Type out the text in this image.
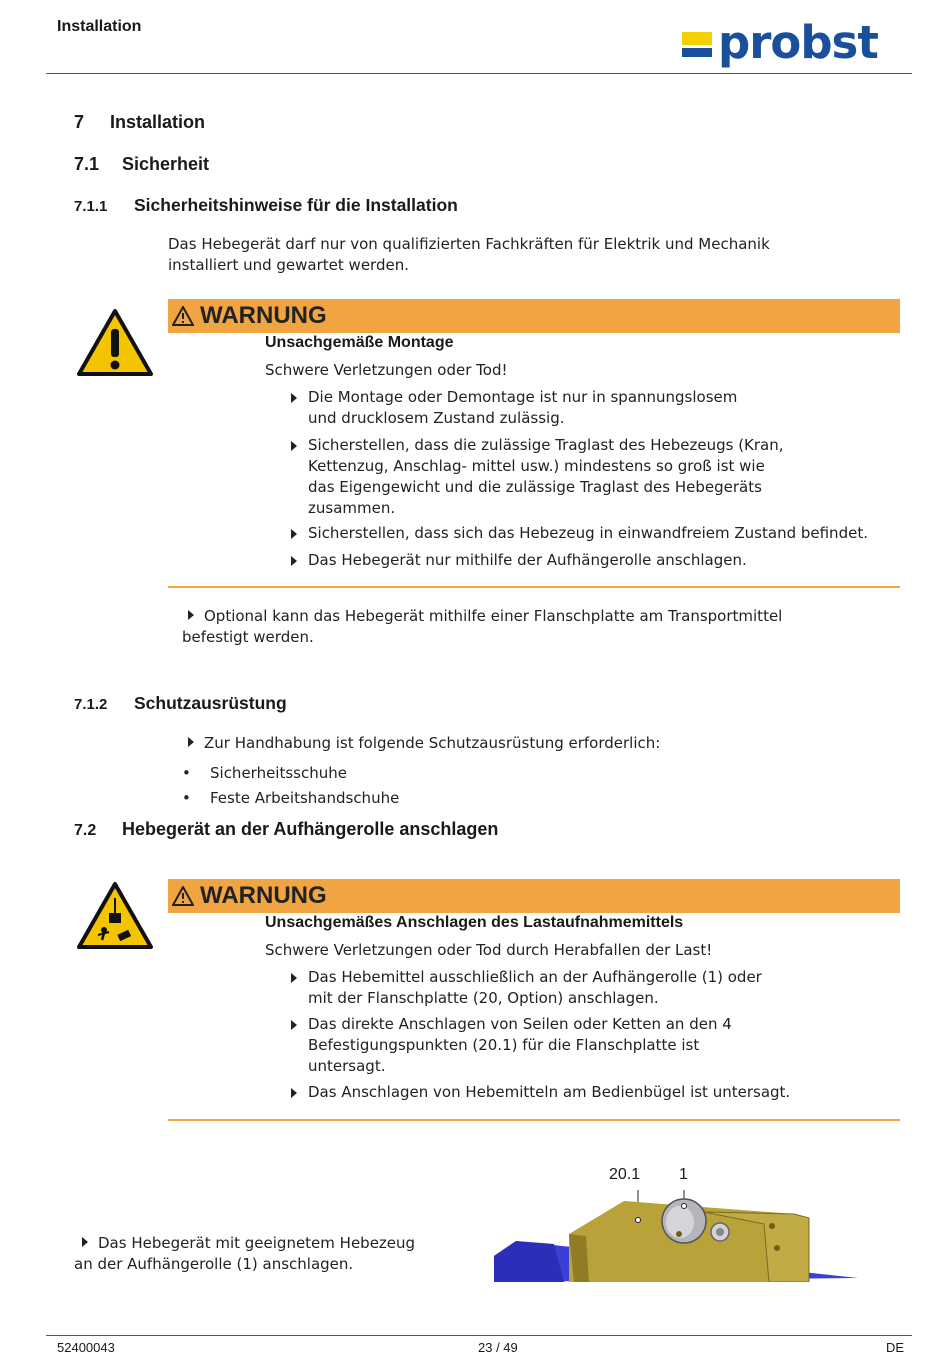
Installation	probst
7 Installation
7.1 Sicherheit
7.1.1 Sicherheitshinweise für die Installation
Das Hebegerät darf nur von qualifizierten Fachkräften für Elektrik und Mechanik
installiert und gewartet werden.
WARNUNG
Unsachgemäße Montage
Schwere Verletzungen oder Tod!
Die Montage oder Demontage ist nur in spannungslosem
und drucklosem Zustand zulässig.
Sicherstellen, dass die zulässige Traglast des Hebezeugs (Kran,
Kettenzug, Anschlag- mittel usw.) mindestens so groß ist wie
das Eigengewicht und die zulässige Traglast des Hebegeräts
zusammen.
Sicherstellen, dass sich das Hebezeug in einwandfreiem Zustand befindet.
Das Hebegerät nur mithilfe der Aufhängerolle anschlagen.
Optional kann das Hebegerät mithilfe einer Flanschplatte am Transportmittel
befestigt werden.
7.1.2 Schutzausrüstung
Zur Handhabung ist folgende Schutzausrüstung erforderlich:
• Sicherheitsschuhe
• Feste Arbeitshandschuhe
7.2 Hebegerät an der Aufhängerolle anschlagen
WARNUNG
Unsachgemäßes Anschlagen des Lastaufnahmemittels
Schwere Verletzungen oder Tod durch Herabfallen der Last!
Das Hebemittel ausschließlich an der Aufhängerolle (1) oder
mit der Flanschplatte (20, Option) anschlagen.
Das direkte Anschlagen von Seilen oder Ketten an den 4
Befestigungspunkten (20.1) für die Flanschplatte ist
untersagt.
Das Anschlagen von Hebemitteln am Bedienbügel ist untersagt.
Das Hebegerät mit geeignetem Hebezeug
an der Aufhängerolle (1) anschlagen.
20.1 1
52400043	23 / 49	DE
